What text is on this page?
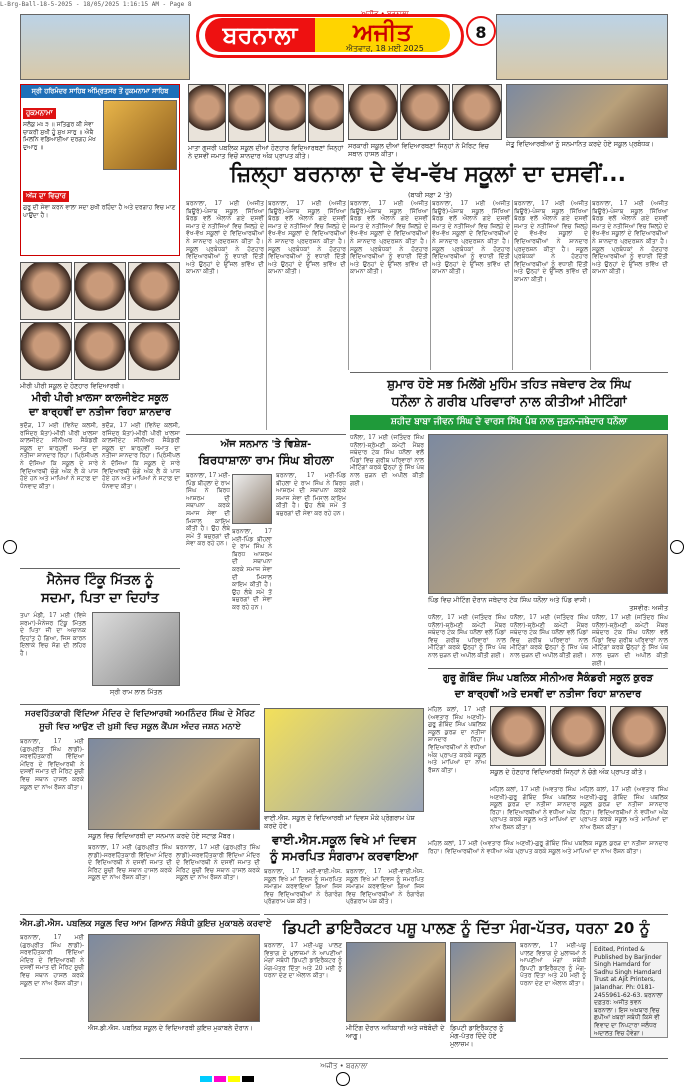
L-Brg-Ball-18-5-2025 - 18/05/2025 1:16:15 AM - Page 8
ਬਰਨਾਲਾ	ਅਜੀਤ
ਐਤਵਾਰ, 18 ਮਈ 2025
8
ਸ੍ਰੀ ਹਰਿਮੰਦਰ ਸਾਹਿਬ ਅੰਮ੍ਰਿਤਸਰ ਤੋਂ ਹੁਕਮਨਾਮਾ ਸਾਹਿਬ
ਹੁਕਮਨਾਮਾ
ਸਲੋਕੁ ਮਃ ੩ ॥ ਸਤਿਗੁਰ ਕੀ ਸੇਵਾ ਚਾਕਰੀ ਸੁਖੀ ਹੂੰ ਸੁਖ ਸਾਰੁ ॥ ਐਥੈ ਮਿਲਨਿ ਵਡਿਆਈਆ ਦਰਗਹ ਮੋਖ ਦੁਆਰੁ ॥
ਅੱਜ ਦਾ ਵਿਚਾਰ
ਗੁਰੂ ਦੀ ਸੇਵਾ ਕਰਨ ਵਾਲਾ ਸਦਾ ਸੁਖੀ ਰਹਿੰਦਾ ਹੈ ਅਤੇ ਦਰਗਾਹ ਵਿਚ ਮਾਣ ਪਾਉਂਦਾ ਹੈ।
ਮਾਤਾ ਗੁਜਰੀ ਪਬਲਿਕ ਸਕੂਲ ਦੀਆਂ ਹੋਣਹਾਰ ਵਿਦਿਆਰਥਣਾਂ ਜਿਨ੍ਹਾਂ ਨੇ ਦਸਵੀਂ ਜਮਾਤ ਵਿਚੋਂ ਸ਼ਾਨਦਾਰ ਅੰਕ ਪ੍ਰਾਪਤ ਕੀਤੇ।
ਸਰਕਾਰੀ ਸਕੂਲ ਦੀਆਂ ਵਿਦਿਆਰਥਣਾਂ ਜਿਨ੍ਹਾਂ ਨੇ ਮੈਰਿਟ ਵਿਚ ਸਥਾਨ ਹਾਸਲ ਕੀਤਾ।
ਜੇਤੂ ਵਿਦਿਆਰਥੀਆਂ ਨੂੰ ਸਨਮਾਨਿਤ ਕਰਦੇ ਹੋਏ ਸਕੂਲ ਪ੍ਰਬੰਧਕ।
ਜ਼ਿਲ੍ਹਾ ਬਰਨਾਲਾ ਦੇ ਵੱਖ-ਵੱਖ ਸਕੂਲਾਂ ਦਾ ਦਸਵੀਂ...
(ਬਾਕੀ ਸਫ਼ਾ 2 'ਤੇ)
ਬਰਨਾਲਾ, 17 ਮਈ (ਅਜੀਤ ਬਿਊਰੋ)-ਪੰਜਾਬ ਸਕੂਲ ਸਿੱਖਿਆ ਬੋਰਡ ਵਲੋਂ ਐਲਾਨੇ ਗਏ ਦਸਵੀਂ ਜਮਾਤ ਦੇ ਨਤੀਜਿਆਂ ਵਿਚ ਜ਼ਿਲ੍ਹੇ ਦੇ ਵੱਖ-ਵੱਖ ਸਕੂਲਾਂ ਦੇ ਵਿਦਿਆਰਥੀਆਂ ਨੇ ਸ਼ਾਨਦਾਰ ਪ੍ਰਦਰਸ਼ਨ ਕੀਤਾ ਹੈ। ਸਕੂਲ ਪ੍ਰਬੰਧਕਾਂ ਨੇ ਹੋਣਹਾਰ ਵਿਦਿਆਰਥੀਆਂ ਨੂੰ ਵਧਾਈ ਦਿੱਤੀ ਅਤੇ ਉਨ੍ਹਾਂ ਦੇ ਉੱਜਲ ਭਵਿੱਖ ਦੀ ਕਾਮਨਾ ਕੀਤੀ।
ਬਰਨਾਲਾ, 17 ਮਈ (ਅਜੀਤ ਬਿਊਰੋ)-ਪੰਜਾਬ ਸਕੂਲ ਸਿੱਖਿਆ ਬੋਰਡ ਵਲੋਂ ਐਲਾਨੇ ਗਏ ਦਸਵੀਂ ਜਮਾਤ ਦੇ ਨਤੀਜਿਆਂ ਵਿਚ ਜ਼ਿਲ੍ਹੇ ਦੇ ਵੱਖ-ਵੱਖ ਸਕੂਲਾਂ ਦੇ ਵਿਦਿਆਰਥੀਆਂ ਨੇ ਸ਼ਾਨਦਾਰ ਪ੍ਰਦਰਸ਼ਨ ਕੀਤਾ ਹੈ। ਸਕੂਲ ਪ੍ਰਬੰਧਕਾਂ ਨੇ ਹੋਣਹਾਰ ਵਿਦਿਆਰਥੀਆਂ ਨੂੰ ਵਧਾਈ ਦਿੱਤੀ ਅਤੇ ਉਨ੍ਹਾਂ ਦੇ ਉੱਜਲ ਭਵਿੱਖ ਦੀ ਕਾਮਨਾ ਕੀਤੀ।
ਬਰਨਾਲਾ, 17 ਮਈ (ਅਜੀਤ ਬਿਊਰੋ)-ਪੰਜਾਬ ਸਕੂਲ ਸਿੱਖਿਆ ਬੋਰਡ ਵਲੋਂ ਐਲਾਨੇ ਗਏ ਦਸਵੀਂ ਜਮਾਤ ਦੇ ਨਤੀਜਿਆਂ ਵਿਚ ਜ਼ਿਲ੍ਹੇ ਦੇ ਵੱਖ-ਵੱਖ ਸਕੂਲਾਂ ਦੇ ਵਿਦਿਆਰਥੀਆਂ ਨੇ ਸ਼ਾਨਦਾਰ ਪ੍ਰਦਰਸ਼ਨ ਕੀਤਾ ਹੈ। ਸਕੂਲ ਪ੍ਰਬੰਧਕਾਂ ਨੇ ਹੋਣਹਾਰ ਵਿਦਿਆਰਥੀਆਂ ਨੂੰ ਵਧਾਈ ਦਿੱਤੀ ਅਤੇ ਉਨ੍ਹਾਂ ਦੇ ਉੱਜਲ ਭਵਿੱਖ ਦੀ ਕਾਮਨਾ ਕੀਤੀ।
ਬਰਨਾਲਾ, 17 ਮਈ (ਅਜੀਤ ਬਿਊਰੋ)-ਪੰਜਾਬ ਸਕੂਲ ਸਿੱਖਿਆ ਬੋਰਡ ਵਲੋਂ ਐਲਾਨੇ ਗਏ ਦਸਵੀਂ ਜਮਾਤ ਦੇ ਨਤੀਜਿਆਂ ਵਿਚ ਜ਼ਿਲ੍ਹੇ ਦੇ ਵੱਖ-ਵੱਖ ਸਕੂਲਾਂ ਦੇ ਵਿਦਿਆਰਥੀਆਂ ਨੇ ਸ਼ਾਨਦਾਰ ਪ੍ਰਦਰਸ਼ਨ ਕੀਤਾ ਹੈ। ਸਕੂਲ ਪ੍ਰਬੰਧਕਾਂ ਨੇ ਹੋਣਹਾਰ ਵਿਦਿਆਰਥੀਆਂ ਨੂੰ ਵਧਾਈ ਦਿੱਤੀ ਅਤੇ ਉਨ੍ਹਾਂ ਦੇ ਉੱਜਲ ਭਵਿੱਖ ਦੀ ਕਾਮਨਾ ਕੀਤੀ।
ਬਰਨਾਲਾ, 17 ਮਈ (ਅਜੀਤ ਬਿਊਰੋ)-ਪੰਜਾਬ ਸਕੂਲ ਸਿੱਖਿਆ ਬੋਰਡ ਵਲੋਂ ਐਲਾਨੇ ਗਏ ਦਸਵੀਂ ਜਮਾਤ ਦੇ ਨਤੀਜਿਆਂ ਵਿਚ ਜ਼ਿਲ੍ਹੇ ਦੇ ਵੱਖ-ਵੱਖ ਸਕੂਲਾਂ ਦੇ ਵਿਦਿਆਰਥੀਆਂ ਨੇ ਸ਼ਾਨਦਾਰ ਪ੍ਰਦਰਸ਼ਨ ਕੀਤਾ ਹੈ। ਸਕੂਲ ਪ੍ਰਬੰਧਕਾਂ ਨੇ ਹੋਣਹਾਰ ਵਿਦਿਆਰਥੀਆਂ ਨੂੰ ਵਧਾਈ ਦਿੱਤੀ ਅਤੇ ਉਨ੍ਹਾਂ ਦੇ ਉੱਜਲ ਭਵਿੱਖ ਦੀ ਕਾਮਨਾ ਕੀਤੀ।
ਬਰਨਾਲਾ, 17 ਮਈ (ਅਜੀਤ ਬਿਊਰੋ)-ਪੰਜਾਬ ਸਕੂਲ ਸਿੱਖਿਆ ਬੋਰਡ ਵਲੋਂ ਐਲਾਨੇ ਗਏ ਦਸਵੀਂ ਜਮਾਤ ਦੇ ਨਤੀਜਿਆਂ ਵਿਚ ਜ਼ਿਲ੍ਹੇ ਦੇ ਵੱਖ-ਵੱਖ ਸਕੂਲਾਂ ਦੇ ਵਿਦਿਆਰਥੀਆਂ ਨੇ ਸ਼ਾਨਦਾਰ ਪ੍ਰਦਰਸ਼ਨ ਕੀਤਾ ਹੈ। ਸਕੂਲ ਪ੍ਰਬੰਧਕਾਂ ਨੇ ਹੋਣਹਾਰ ਵਿਦਿਆਰਥੀਆਂ ਨੂੰ ਵਧਾਈ ਦਿੱਤੀ ਅਤੇ ਉਨ੍ਹਾਂ ਦੇ ਉੱਜਲ ਭਵਿੱਖ ਦੀ ਕਾਮਨਾ ਕੀਤੀ।
ਮੀਰੀ ਪੀਰੀ ਸਕੂਲ ਦੇ ਹੋਣਹਾਰ ਵਿਦਿਆਰਥੀ।
ਮੀਰੀ ਪੀਰੀ ਖ਼ਾਲਸਾ ਕਾਲਜੀਏਟ ਸਕੂਲ
ਦਾ ਬਾਰ੍ਹਵੀਂ ਦਾ ਨਤੀਜਾ ਰਿਹਾ ਸ਼ਾਨਦਾਰ
ਭਦੌੜ, 17 ਮਈ (ਵਿਨੋਦ ਕਲਸੀ, ਰਜਿੰਦਰ ਬੱਤਾ)-ਮੀਰੀ ਪੀਰੀ ਖ਼ਾਲਸਾ ਕਾਲਜੀਏਟ ਸੀਨੀਅਰ ਸੈਕੰਡਰੀ ਸਕੂਲ ਦਾ ਬਾਰ੍ਹਵੀਂ ਜਮਾਤ ਦਾ ਨਤੀਜਾ ਸ਼ਾਨਦਾਰ ਰਿਹਾ। ਪ੍ਰਿੰਸੀਪਲ ਨੇ ਦੱਸਿਆ ਕਿ ਸਕੂਲ ਦੇ ਸਾਰੇ ਵਿਦਿਆਰਥੀ ਚੰਗੇ ਅੰਕ ਲੈ ਕੇ ਪਾਸ ਹੋਏ ਹਨ ਅਤੇ ਮਾਪਿਆਂ ਨੇ ਸਟਾਫ਼ ਦਾ ਧੰਨਵਾਦ ਕੀਤਾ।
ਭਦੌੜ, 17 ਮਈ (ਵਿਨੋਦ ਕਲਸੀ, ਰਜਿੰਦਰ ਬੱਤਾ)-ਮੀਰੀ ਪੀਰੀ ਖ਼ਾਲਸਾ ਕਾਲਜੀਏਟ ਸੀਨੀਅਰ ਸੈਕੰਡਰੀ ਸਕੂਲ ਦਾ ਬਾਰ੍ਹਵੀਂ ਜਮਾਤ ਦਾ ਨਤੀਜਾ ਸ਼ਾਨਦਾਰ ਰਿਹਾ। ਪ੍ਰਿੰਸੀਪਲ ਨੇ ਦੱਸਿਆ ਕਿ ਸਕੂਲ ਦੇ ਸਾਰੇ ਵਿਦਿਆਰਥੀ ਚੰਗੇ ਅੰਕ ਲੈ ਕੇ ਪਾਸ ਹੋਏ ਹਨ ਅਤੇ ਮਾਪਿਆਂ ਨੇ ਸਟਾਫ਼ ਦਾ ਧੰਨਵਾਦ ਕੀਤਾ।
ਮੈਨੇਜਰ ਟਿੰਕੂ ਮਿੱਤਲ ਨੂੰ
ਸਦਮਾ, ਪਿਤਾ ਦਾ ਦਿਹਾਂਤ
ਤਪਾ ਮੰਡੀ, 17 ਮਈ (ਵਿਜੇ ਸ਼ਰਮਾ)-ਮੈਨੇਜਰ ਟਿੰਕੂ ਮਿੱਤਲ ਦੇ ਪਿਤਾ ਜੀ ਦਾ ਅਚਾਨਕ ਦਿਹਾਂਤ ਹੋ ਗਿਆ, ਜਿਸ ਕਾਰਨ ਇਲਾਕੇ ਵਿਚ ਸੋਗ ਦੀ ਲਹਿਰ ਹੈ।
ਸ੍ਰੀ ਰਾਮ ਲਾਲ ਮਿੱਤਲ
ਅੱਜ ਸਨਮਾਨ 'ਤੇ ਵਿਸ਼ੇਸ਼-
ਬਿਰਧਾਸ਼ਾਲਾ ਰਾਮ ਸਿੰਘ ਬੀਹਲਾ
ਬਰਨਾਲਾ, 17 ਮਈ-ਪਿੰਡ ਬੀਹਲਾ ਦੇ ਰਾਮ ਸਿੰਘ ਨੇ ਬਿਰਧ ਆਸ਼ਰਮ ਦੀ ਸਥਾਪਨਾ ਕਰਕੇ ਸਮਾਜ ਸੇਵਾ ਦੀ ਮਿਸਾਲ ਕਾਇਮ ਕੀਤੀ ਹੈ। ਉਹ ਲੰਬੇ ਸਮੇਂ ਤੋਂ ਬਜ਼ੁਰਗਾਂ ਦੀ ਸੇਵਾ ਕਰ ਰਹੇ ਹਨ।
ਬਰਨਾਲਾ, 17 ਮਈ-ਪਿੰਡ ਬੀਹਲਾ ਦੇ ਰਾਮ ਸਿੰਘ ਨੇ ਬਿਰਧ ਆਸ਼ਰਮ ਦੀ ਸਥਾਪਨਾ ਕਰਕੇ ਸਮਾਜ ਸੇਵਾ ਦੀ ਮਿਸਾਲ ਕਾਇਮ ਕੀਤੀ ਹੈ। ਉਹ ਲੰਬੇ ਸਮੇਂ ਤੋਂ ਬਜ਼ੁਰਗਾਂ ਦੀ ਸੇਵਾ ਕਰ ਰਹੇ ਹਨ।
ਬਰਨਾਲਾ, 17 ਮਈ-ਪਿੰਡ ਬੀਹਲਾ ਦੇ ਰਾਮ ਸਿੰਘ ਨੇ ਬਿਰਧ ਆਸ਼ਰਮ ਦੀ ਸਥਾਪਨਾ ਕਰਕੇ ਸਮਾਜ ਸੇਵਾ ਦੀ ਮਿਸਾਲ ਕਾਇਮ ਕੀਤੀ ਹੈ। ਉਹ ਲੰਬੇ ਸਮੇਂ ਤੋਂ ਬਜ਼ੁਰਗਾਂ ਦੀ ਸੇਵਾ ਕਰ ਰਹੇ ਹਨ।
ਸ਼ੁਮਾਰ ਹੋਏ ਸਭ ਮਿਲੇਂਗੇ ਮੁਹਿੰਮ ਤਹਿਤ ਜਥੇਦਾਰ ਟੇਕ ਸਿੰਘ
ਧਨੌਲਾ ਨੇ ਗਰੀਬ ਪਰਿਵਾਰਾਂ ਨਾਲ ਕੀਤੀਆਂ ਮੀਟਿੰਗਾਂ
ਸ਼ਹੀਦ ਬਾਬਾ ਜੀਵਨ ਸਿੰਘ ਦੇ ਵਾਰਸ ਸਿੱਖ ਪੰਥ ਨਾਲ ਜੁੜਨ-ਜਥੇਦਾਰ ਧਨੌਲਾ
ਧਨੌਲਾ, 17 ਮਈ (ਜਤਿੰਦਰ ਸਿੰਘ ਧਨੌਲਾ)-ਸ਼੍ਰੋਮਣੀ ਕਮੇਟੀ ਮੈਂਬਰ ਜਥੇਦਾਰ ਟੇਕ ਸਿੰਘ ਧਨੌਲਾ ਵਲੋਂ ਪਿੰਡਾਂ ਵਿਚ ਗਰੀਬ ਪਰਿਵਾਰਾਂ ਨਾਲ ਮੀਟਿੰਗਾਂ ਕਰਕੇ ਉਨ੍ਹਾਂ ਨੂੰ ਸਿੱਖ ਪੰਥ ਨਾਲ ਜੁੜਨ ਦੀ ਅਪੀਲ ਕੀਤੀ ਗਈ।
ਪਿੰਡ ਵਿਚ ਮੀਟਿੰਗ ਦੌਰਾਨ ਜਥੇਦਾਰ ਟੇਕ ਸਿੰਘ ਧਨੌਲਾ ਅਤੇ ਪਿੰਡ ਵਾਸੀ।
ਤਸਵੀਰ: ਅਜੀਤ
ਧਨੌਲਾ, 17 ਮਈ (ਜਤਿੰਦਰ ਸਿੰਘ ਧਨੌਲਾ)-ਸ਼੍ਰੋਮਣੀ ਕਮੇਟੀ ਮੈਂਬਰ ਜਥੇਦਾਰ ਟੇਕ ਸਿੰਘ ਧਨੌਲਾ ਵਲੋਂ ਪਿੰਡਾਂ ਵਿਚ ਗਰੀਬ ਪਰਿਵਾਰਾਂ ਨਾਲ ਮੀਟਿੰਗਾਂ ਕਰਕੇ ਉਨ੍ਹਾਂ ਨੂੰ ਸਿੱਖ ਪੰਥ ਨਾਲ ਜੁੜਨ ਦੀ ਅਪੀਲ ਕੀਤੀ ਗਈ।
ਧਨੌਲਾ, 17 ਮਈ (ਜਤਿੰਦਰ ਸਿੰਘ ਧਨੌਲਾ)-ਸ਼੍ਰੋਮਣੀ ਕਮੇਟੀ ਮੈਂਬਰ ਜਥੇਦਾਰ ਟੇਕ ਸਿੰਘ ਧਨੌਲਾ ਵਲੋਂ ਪਿੰਡਾਂ ਵਿਚ ਗਰੀਬ ਪਰਿਵਾਰਾਂ ਨਾਲ ਮੀਟਿੰਗਾਂ ਕਰਕੇ ਉਨ੍ਹਾਂ ਨੂੰ ਸਿੱਖ ਪੰਥ ਨਾਲ ਜੁੜਨ ਦੀ ਅਪੀਲ ਕੀਤੀ ਗਈ।
ਧਨੌਲਾ, 17 ਮਈ (ਜਤਿੰਦਰ ਸਿੰਘ ਧਨੌਲਾ)-ਸ਼੍ਰੋਮਣੀ ਕਮੇਟੀ ਮੈਂਬਰ ਜਥੇਦਾਰ ਟੇਕ ਸਿੰਘ ਧਨੌਲਾ ਵਲੋਂ ਪਿੰਡਾਂ ਵਿਚ ਗਰੀਬ ਪਰਿਵਾਰਾਂ ਨਾਲ ਮੀਟਿੰਗਾਂ ਕਰਕੇ ਉਨ੍ਹਾਂ ਨੂੰ ਸਿੱਖ ਪੰਥ ਨਾਲ ਜੁੜਨ ਦੀ ਅਪੀਲ ਕੀਤੀ ਗਈ।
ਗੁਰੂ ਗੋਬਿੰਦ ਸਿੰਘ ਪਬਲਿਕ ਸੀਨੀਅਰ ਸੈਕੰਡਰੀ ਸਕੂਲ ਕੁਰੜ
ਦਾ ਬਾਰ੍ਹਵੀਂ ਅਤੇ ਦਸਵੀਂ ਦਾ ਨਤੀਜਾ ਰਿਹਾ ਸ਼ਾਨਦਾਰ
ਮਹਿਲ ਕਲਾਂ, 17 ਮਈ (ਅਵਤਾਰ ਸਿੰਘ ਅਣਖੀ)-ਗੁਰੂ ਗੋਬਿੰਦ ਸਿੰਘ ਪਬਲਿਕ ਸਕੂਲ ਕੁਰੜ ਦਾ ਨਤੀਜਾ ਸ਼ਾਨਦਾਰ ਰਿਹਾ। ਵਿਦਿਆਰਥੀਆਂ ਨੇ ਵਧੀਆ ਅੰਕ ਪ੍ਰਾਪਤ ਕਰਕੇ ਸਕੂਲ ਅਤੇ ਮਾਪਿਆਂ ਦਾ ਨਾਂਅ ਰੌਸ਼ਨ ਕੀਤਾ।	ਸਕੂਲ ਦੇ ਹੋਣਹਾਰ ਵਿਦਿਆਰਥੀ ਜਿਨ੍ਹਾਂ ਨੇ ਚੰਗੇ ਅੰਕ ਪ੍ਰਾਪਤ ਕੀਤੇ।
ਮਹਿਲ ਕਲਾਂ, 17 ਮਈ (ਅਵਤਾਰ ਸਿੰਘ ਅਣਖੀ)-ਗੁਰੂ ਗੋਬਿੰਦ ਸਿੰਘ ਪਬਲਿਕ ਸਕੂਲ ਕੁਰੜ ਦਾ ਨਤੀਜਾ ਸ਼ਾਨਦਾਰ ਰਿਹਾ। ਵਿਦਿਆਰਥੀਆਂ ਨੇ ਵਧੀਆ ਅੰਕ ਪ੍ਰਾਪਤ ਕਰਕੇ ਸਕੂਲ ਅਤੇ ਮਾਪਿਆਂ ਦਾ ਨਾਂਅ ਰੌਸ਼ਨ ਕੀਤਾ।
ਮਹਿਲ ਕਲਾਂ, 17 ਮਈ (ਅਵਤਾਰ ਸਿੰਘ ਅਣਖੀ)-ਗੁਰੂ ਗੋਬਿੰਦ ਸਿੰਘ ਪਬਲਿਕ ਸਕੂਲ ਕੁਰੜ ਦਾ ਨਤੀਜਾ ਸ਼ਾਨਦਾਰ ਰਿਹਾ। ਵਿਦਿਆਰਥੀਆਂ ਨੇ ਵਧੀਆ ਅੰਕ ਪ੍ਰਾਪਤ ਕਰਕੇ ਸਕੂਲ ਅਤੇ ਮਾਪਿਆਂ ਦਾ ਨਾਂਅ ਰੌਸ਼ਨ ਕੀਤਾ।
ਵਾਈ.ਐਸ. ਸਕੂਲ ਦੇ ਵਿਦਿਆਰਥੀ ਮਾਂ ਦਿਵਸ ਮੌਕੇ ਪ੍ਰੋਗਰਾਮ ਪੇਸ਼ ਕਰਦੇ ਹੋਏ।
ਵਾਈ.ਐਸ.ਸਕੂਲ ਵਿਖੇ ਮਾਂ ਦਿਵਸ
ਨੂੰ ਸਮਰਪਿਤ ਸੰਗਰਾਮ ਕਰਵਾਇਆ
ਬਰਨਾਲਾ, 17 ਮਈ-ਵਾਈ.ਐਸ. ਸਕੂਲ ਵਿਖੇ ਮਾਂ ਦਿਵਸ ਨੂੰ ਸਮਰਪਿਤ ਸਮਾਗਮ ਕਰਵਾਇਆ ਗਿਆ ਜਿਸ ਵਿਚ ਵਿਦਿਆਰਥੀਆਂ ਨੇ ਰੰਗਾਰੰਗ ਪ੍ਰੋਗਰਾਮ ਪੇਸ਼ ਕੀਤੇ।
ਬਰਨਾਲਾ, 17 ਮਈ-ਵਾਈ.ਐਸ. ਸਕੂਲ ਵਿਖੇ ਮਾਂ ਦਿਵਸ ਨੂੰ ਸਮਰਪਿਤ ਸਮਾਗਮ ਕਰਵਾਇਆ ਗਿਆ ਜਿਸ ਵਿਚ ਵਿਦਿਆਰਥੀਆਂ ਨੇ ਰੰਗਾਰੰਗ ਪ੍ਰੋਗਰਾਮ ਪੇਸ਼ ਕੀਤੇ।
ਮਹਿਲ ਕਲਾਂ, 17 ਮਈ (ਅਵਤਾਰ ਸਿੰਘ ਅਣਖੀ)-ਗੁਰੂ ਗੋਬਿੰਦ ਸਿੰਘ ਪਬਲਿਕ ਸਕੂਲ ਕੁਰੜ ਦਾ ਨਤੀਜਾ ਸ਼ਾਨਦਾਰ ਰਿਹਾ। ਵਿਦਿਆਰਥੀਆਂ ਨੇ ਵਧੀਆ ਅੰਕ ਪ੍ਰਾਪਤ ਕਰਕੇ ਸਕੂਲ ਅਤੇ ਮਾਪਿਆਂ ਦਾ ਨਾਂਅ ਰੌਸ਼ਨ ਕੀਤਾ।
ਸਰਵਹਿੱਤਕਾਰੀ ਵਿੱਦਿਆ ਮੰਦਿਰ ਦੇ ਵਿਦਿਆਰਥੀ ਅਮਨਿੰਦਰ ਸਿੰਘ ਦੇ ਮੈਰਿਟ
ਸੂਚੀ ਵਿਚ ਆਉਣ ਦੀ ਖ਼ੁਸ਼ੀ ਵਿਚ ਸਕੂਲ ਕੈਂਪਸ ਅੰਦਰ ਜਸ਼ਨ ਮਨਾਏ
ਬਰਨਾਲਾ, 17 ਮਈ (ਗੁਰਪ੍ਰੀਤ ਸਿੰਘ ਲਾਡੀ)-ਸਰਵਹਿੱਤਕਾਰੀ ਵਿੱਦਿਆ ਮੰਦਿਰ ਦੇ ਵਿਦਿਆਰਥੀ ਨੇ ਦਸਵੀਂ ਜਮਾਤ ਦੀ ਮੈਰਿਟ ਸੂਚੀ ਵਿਚ ਸਥਾਨ ਹਾਸਲ ਕਰਕੇ ਸਕੂਲ ਦਾ ਨਾਂਅ ਰੌਸ਼ਨ ਕੀਤਾ।
ਸਕੂਲ ਵਿਚ ਵਿਦਿਆਰਥੀ ਦਾ ਸਨਮਾਨ ਕਰਦੇ ਹੋਏ ਸਟਾਫ਼ ਮੈਂਬਰ।
ਬਰਨਾਲਾ, 17 ਮਈ (ਗੁਰਪ੍ਰੀਤ ਸਿੰਘ ਲਾਡੀ)-ਸਰਵਹਿੱਤਕਾਰੀ ਵਿੱਦਿਆ ਮੰਦਿਰ ਦੇ ਵਿਦਿਆਰਥੀ ਨੇ ਦਸਵੀਂ ਜਮਾਤ ਦੀ ਮੈਰਿਟ ਸੂਚੀ ਵਿਚ ਸਥਾਨ ਹਾਸਲ ਕਰਕੇ ਸਕੂਲ ਦਾ ਨਾਂਅ ਰੌਸ਼ਨ ਕੀਤਾ।
ਬਰਨਾਲਾ, 17 ਮਈ (ਗੁਰਪ੍ਰੀਤ ਸਿੰਘ ਲਾਡੀ)-ਸਰਵਹਿੱਤਕਾਰੀ ਵਿੱਦਿਆ ਮੰਦਿਰ ਦੇ ਵਿਦਿਆਰਥੀ ਨੇ ਦਸਵੀਂ ਜਮਾਤ ਦੀ ਮੈਰਿਟ ਸੂਚੀ ਵਿਚ ਸਥਾਨ ਹਾਸਲ ਕਰਕੇ ਸਕੂਲ ਦਾ ਨਾਂਅ ਰੌਸ਼ਨ ਕੀਤਾ।
ਡਿਪਟੀ ਡਾਇਰੈਕਟਰ ਪਸ਼ੂ ਪਾਲਣ ਨੂੰ ਦਿੱਤਾ ਮੰਗ-ਪੱਤਰ, ਧਰਨਾ 20 ਨੂੰ
ਬਰਨਾਲਾ, 17 ਮਈ-ਪਸ਼ੂ ਪਾਲਣ ਵਿਭਾਗ ਦੇ ਮੁਲਾਜ਼ਮਾਂ ਨੇ ਆਪਣੀਆਂ ਮੰਗਾਂ ਸਬੰਧੀ ਡਿਪਟੀ ਡਾਇਰੈਕਟਰ ਨੂੰ ਮੰਗ-ਪੱਤਰ ਦਿੱਤਾ ਅਤੇ 20 ਮਈ ਨੂੰ ਧਰਨਾ ਦੇਣ ਦਾ ਐਲਾਨ ਕੀਤਾ।
ਮੀਟਿੰਗ ਦੌਰਾਨ ਅਧਿਕਾਰੀ ਅਤੇ ਜਥੇਬੰਦੀ ਦੇ ਆਗੂ।
ਡਿਪਟੀ ਡਾਇਰੈਕਟਰ ਨੂੰ ਮੰਗ-ਪੱਤਰ ਦਿੰਦੇ ਹੋਏ ਮੁਲਾਜ਼ਮ।
ਬਰਨਾਲਾ, 17 ਮਈ-ਪਸ਼ੂ ਪਾਲਣ ਵਿਭਾਗ ਦੇ ਮੁਲਾਜ਼ਮਾਂ ਨੇ ਆਪਣੀਆਂ ਮੰਗਾਂ ਸਬੰਧੀ ਡਿਪਟੀ ਡਾਇਰੈਕਟਰ ਨੂੰ ਮੰਗ-ਪੱਤਰ ਦਿੱਤਾ ਅਤੇ 20 ਮਈ ਨੂੰ ਧਰਨਾ ਦੇਣ ਦਾ ਐਲਾਨ ਕੀਤਾ।
Edited, Printed & Published by Barjinder Singh Hamdard for Sadhu Singh Hamdard Trust at Ajit Printers, Jalandhar. Ph: 0181-2455961-62-63. ਬਰਨਾਲਾ ਦਫ਼ਤਰ: ਅਜੀਤ ਭਵਨ ਬਰਨਾਲਾ। ਇਸ ਅਖ਼ਬਾਰ ਵਿਚ ਛਪੀਆਂ ਖ਼ਬਰਾਂ ਸਬੰਧੀ ਕਿਸੇ ਵੀ ਵਿਵਾਦ ਦਾ ਨਿਪਟਾਰਾ ਜਲੰਧਰ ਅਦਾਲਤ ਵਿਚ ਹੋਵੇਗਾ।
ਐਸ.ਡੀ.ਐਸ. ਪਬਲਿਕ ਸਕੂਲ ਵਿਚ ਆਮ ਗਿਆਨ ਸੰਬੰਧੀ ਕੁਇਜ਼ ਮੁਕਾਬਲੇ ਕਰਵਾਏ
ਬਰਨਾਲਾ, 17 ਮਈ (ਗੁਰਪ੍ਰੀਤ ਸਿੰਘ ਲਾਡੀ)-ਸਰਵਹਿੱਤਕਾਰੀ ਵਿੱਦਿਆ ਮੰਦਿਰ ਦੇ ਵਿਦਿਆਰਥੀ ਨੇ ਦਸਵੀਂ ਜਮਾਤ ਦੀ ਮੈਰਿਟ ਸੂਚੀ ਵਿਚ ਸਥਾਨ ਹਾਸਲ ਕਰਕੇ ਸਕੂਲ ਦਾ ਨਾਂਅ ਰੌਸ਼ਨ ਕੀਤਾ।
ਐਸ.ਡੀ.ਐਸ. ਪਬਲਿਕ ਸਕੂਲ ਦੇ ਵਿਦਿਆਰਥੀ ਕੁਇਜ਼ ਮੁਕਾਬਲੇ ਦੌਰਾਨ।
ਅਜੀਤ • ਬਰਨਾਲਾ
